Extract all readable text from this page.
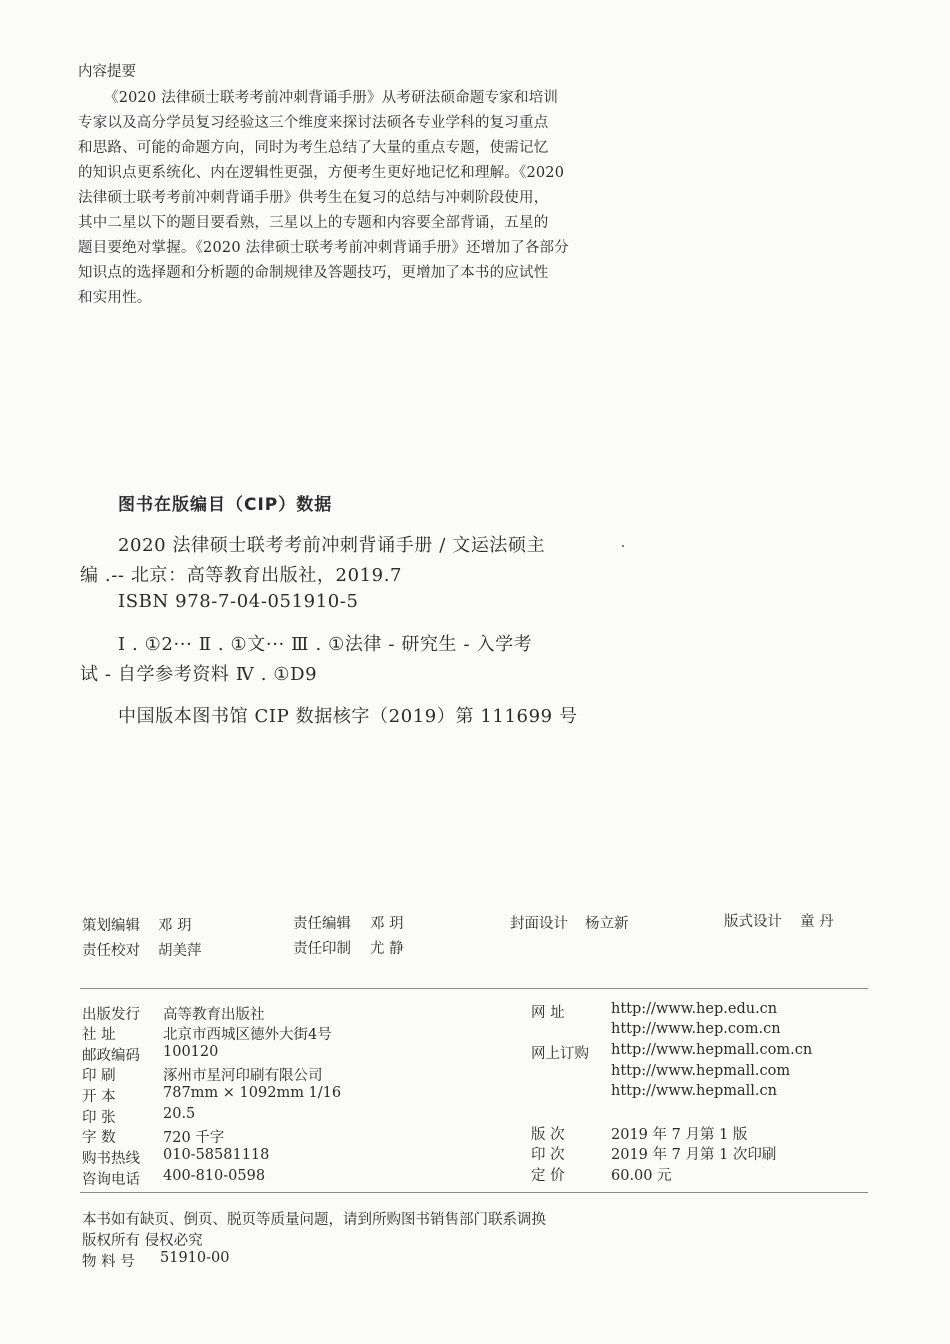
内容提要
《2020 法律硕士联考考前冲刺背诵手册》从考研法硕命题专家和培训
专家以及高分学员复习经验这三个维度来探讨法硕各专业学科的复习重点
和思路、可能的命题方向，同时为考生总结了大量的重点专题，使需记忆
的知识点更系统化、内在逻辑性更强，方便考生更好地记忆和理解。《2020
法律硕士联考考前冲刺背诵手册》供考生在复习的总结与冲刺阶段使用，
其中二星以下的题目要看熟，三星以上的专题和内容要全部背诵，五星的
题目要绝对掌握。《2020 法律硕士联考考前冲刺背诵手册》还增加了各部分
知识点的选择题和分析题的命制规律及答题技巧，更增加了本书的应试性
和实用性。
图书在版编目（CIP）数据
2020 法律硕士联考考前冲刺背诵手册 / 文运法硕主
编 .-- 北京：高等教育出版社，2019.7
ISBN 978-7-04-051910-5
Ⅰ . ①2··· Ⅱ . ①文··· Ⅲ . ①法律 - 研究生 - 入学考
试 - 自学参考资料 Ⅳ . ①D9
中国版本图书馆 CIP 数据核字（2019）第 111699 号
策划编辑 邓 玥	责任编辑 邓 玥	封面设计 杨立新	版式设计 童 丹
责任校对 胡美萍	责任印制 尤 静
出版发行 高等教育出版社
社 址	北京市西城区德外大街4号
邮政编码 100120
印 刷	涿州市星河印刷有限公司
开 本	787mm × 1092mm 1/16
印 张	20.5
字 数	720 千字
购书热线 010-58581118
咨询电话 400-810-0598
网 址	http://www.hep.edu.cn
http://www.hep.com.cn
网上订购 http://www.hepmall.com.cn
http://www.hepmall.com
http://www.hepmall.cn
版 次	2019 年 7 月第 1 版
印 次	2019 年 7 月第 1 次印刷
定 价	60.00 元
本书如有缺页、倒页、脱页等质量问题，请到所购图书销售部门联系调换
版权所有 侵权必究
物 料 号 51910-00
